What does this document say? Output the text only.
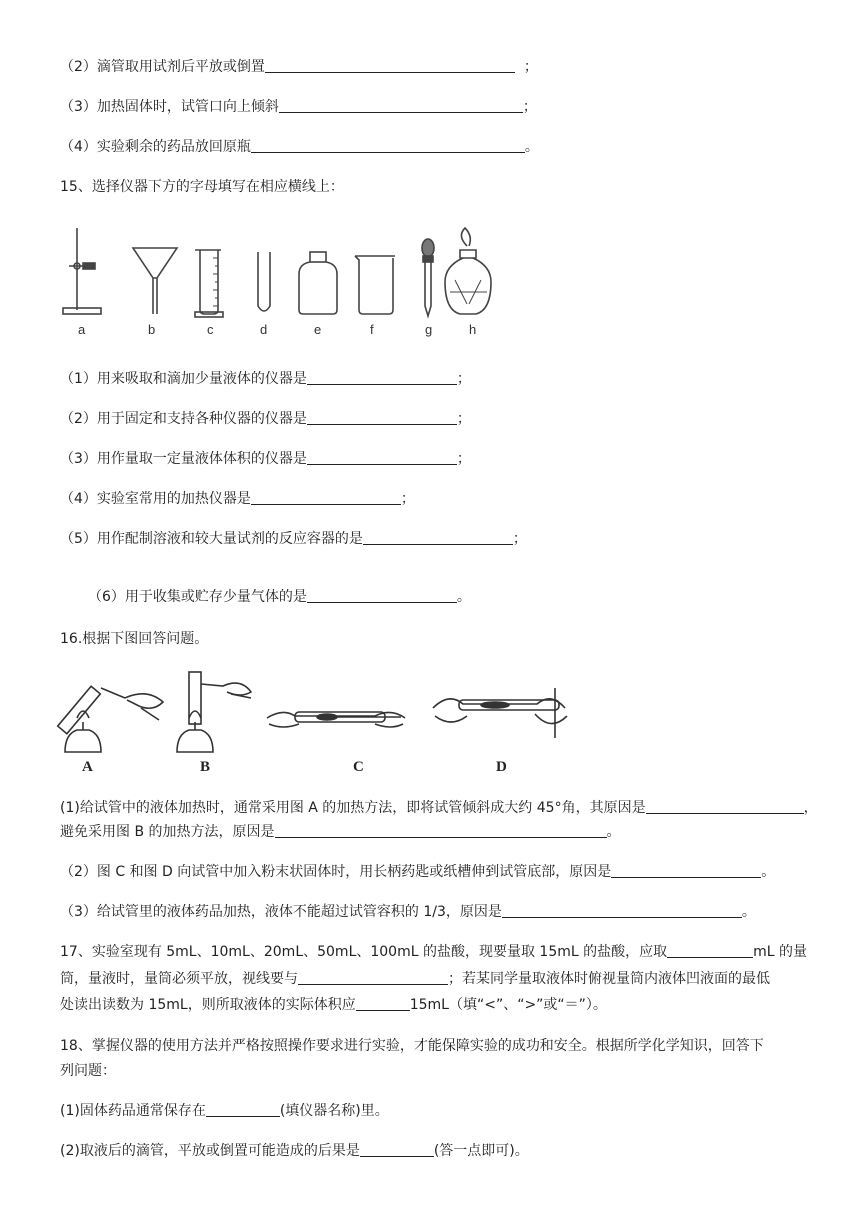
（2）滴管取用试剂后平放或倒置	；
（3）加热固体时，试管口向上倾斜	；
（4）实验剩余的药品放回原瓶	。
15、选择仪器下方的字母填写在相应横线上：
a	b	c	d	e	f	g	h
（1）用来吸取和滴加少量液体的仪器是	；
（2）用于固定和支持各种仪器的仪器是	；
（3）用作量取一定量液体体积的仪器是	；
（4）实验室常用的加热仪器是	；
（5）用作配制溶液和较大量试剂的反应容器的是	；
（6）用于收集或贮存少量气体的是	。
16.根据下图回答问题。
A	B	C	D
(1)给试管中的液体加热时，通常采用图 A 的加热方法，即将试管倾斜成大约 45°角，其原因是	，
避免采用图 B 的加热方法，原因是	。
（2）图 C 和图 D 向试管中加入粉末状固体时，用长柄药匙或纸槽伸到试管底部，原因是	。
（3）给试管里的液体药品加热，液体不能超过试管容积的 1/3，原因是	。
17、实验室现有 5mL、10mL、20mL、50mL、100mL 的盐酸，现要量取 15mL 的盐酸，应取	mL 的量
筒，量液时，量筒必须平放，视线要与	；若某同学量取液体时俯视量筒内液体凹液面的最低
处读出读数为 15mL，则所取液体的实际体积应	15mL（填“<”、“>”或“＝”）。
18、掌握仪器的使用方法并严格按照操作要求进行实验，才能保障实验的成功和安全。根据所学化学知识，回答下
列问题：
(1)固体药品通常保存在	(填仪器名称)里。
(2)取液后的滴管，平放或倒置可能造成的后果是	(答一点即可)。
